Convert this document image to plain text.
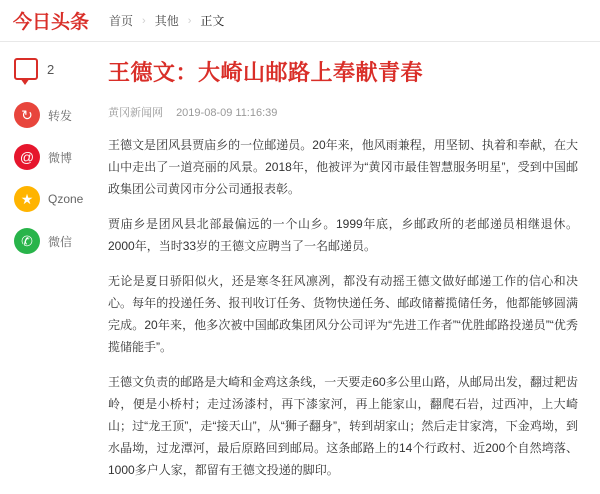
今日头条 首页 › 其他 › 正文
2
↻	转发
@	微博
★	Qzone
✆	微信
王德文：大崎山邮路上奉献青春
黄冈新闻网 2019-08-09 11:16:39

王德文是团风县贾庙乡的一位邮递员。20年来，他风雨兼程，用坚韧、执着和奉献，在大山中走出了一道亮丽的风景。2018年，他被评为“黄冈市最佳智慧服务明星”，受到中国邮政集团公司黄冈市分公司通报表彰。

贾庙乡是团风县北部最偏远的一个山乡。1999年底，乡邮政所的老邮递员相继退休。2000年，当时33岁的王德文应聘当了一名邮递员。

无论是夏日骄阳似火，还是寒冬狂风凛冽，都没有动摇王德文做好邮递工作的信心和决心。每年的投递任务、报刊收订任务、货物快递任务、邮政储蓄揽储任务，他都能够圆满完成。20年来，他多次被中国邮政集团风分公司评为“先进工作者”“优胜邮路投递员”“优秀揽储能手”。

王德文负责的邮路是大崎和金鸡这条线，一天要走60多公里山路，从邮局出发，翻过耙齿岭，便是小桥村；走过汤漆村，再下漆家河，再上能家山，翻爬石岩，过西冲，上大崎山；过“龙王顶”，走“接天山”，从“狮子翻身”，转到胡家山；然后走甘家湾，下金鸡坳，到水晶坳，过龙潭河，最后原路回到邮局。这条邮路上的14个行政村、近200个自然塆落、1000多户人家，都留有王德文投递的脚印。
